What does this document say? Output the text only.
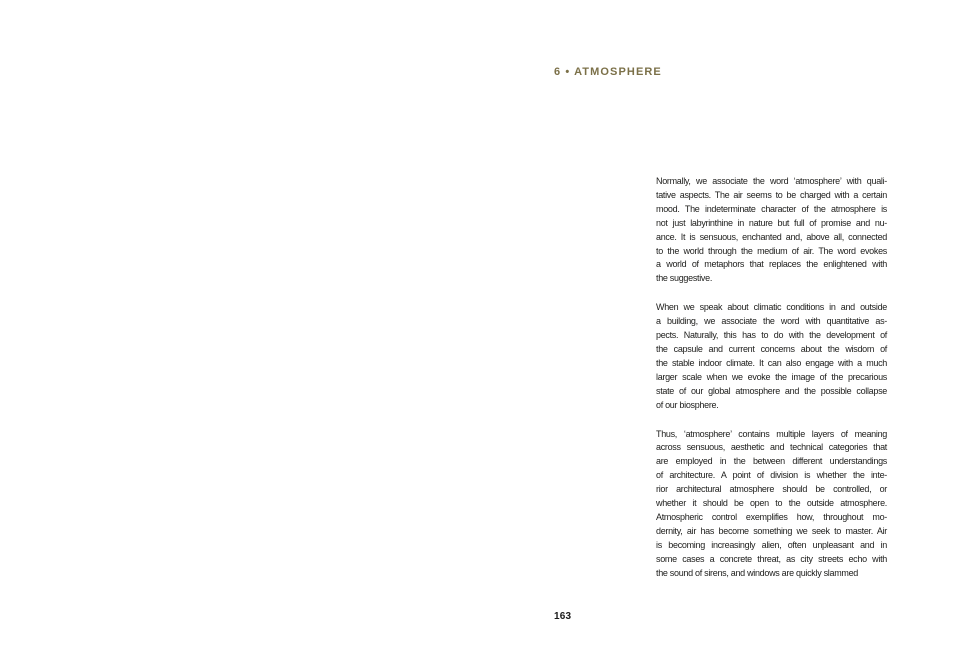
6 • ATMOSPHERE
Normally, we associate the word ‘atmosphere’ with quali-
tative aspects. The air seems to be charged with a certain
mood. The indeterminate character of the atmosphere is
not just labyrinthine in nature but full of promise and nu-
ance. It is sensuous, enchanted and, above all, connected
to the world through the medium of air. The word evokes
a world of metaphors that replaces the enlightened with
the suggestive.
When we speak about climatic conditions in and outside
a building, we associate the word with quantitative as-
pects. Naturally, this has to do with the development of
the capsule and current concerns about the wisdom of
the stable indoor climate. It can also engage with a much
larger scale when we evoke the image of the precarious
state of our global atmosphere and the possible collapse
of our biosphere.
Thus, ‘atmosphere’ contains multiple layers of meaning
across sensuous, aesthetic and technical categories that
are employed in the between different understandings
of architecture. A point of division is whether the inte-
rior architectural atmosphere should be controlled, or
whether it should be open to the outside atmosphere.
Atmospheric control exemplifies how, throughout mo-
dernity, air has become something we seek to master. Air
is becoming increasingly alien, often unpleasant and in
some cases a concrete threat, as city streets echo with
the sound of sirens, and windows are quickly slammed
163
